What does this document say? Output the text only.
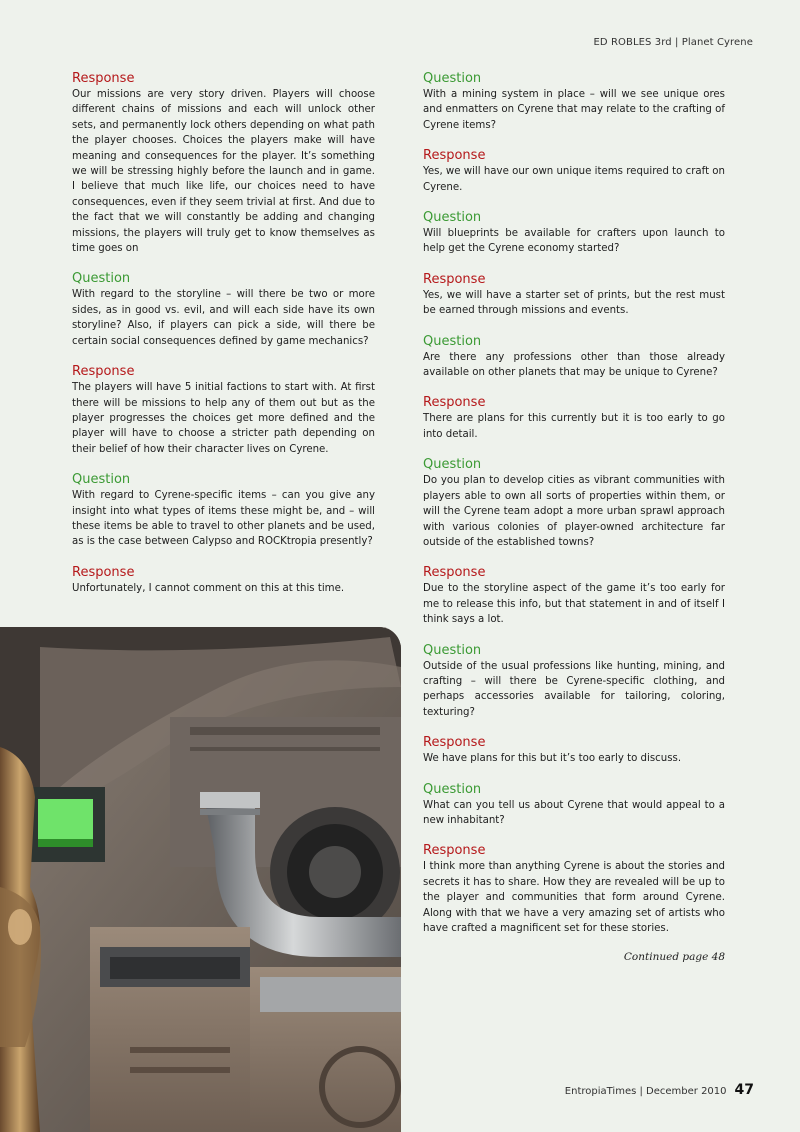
ED ROBLES 3rd | Planet Cyrene

Response

Our missions are very story driven. Players will choose different chains of missions and each will unlock other sets, and permanently lock others depending on what path the player chooses. Choices the players make will have meaning and consequences for the player. It’s something we will be stressing highly before the launch and in game. I believe that much like life, our choices need to have consequences, even if they seem trivial at first. And due to the fact that we will constantly be adding and changing missions, the players will truly get to know themselves as time goes on

Question

With regard to the storyline – will there be two or more sides, as in good vs. evil, and will each side have its own storyline? Also, if players can pick a side, will there be certain social consequences defined by game mechanics?

Response

The players will have 5 initial factions to start with. At first there will be missions to help any of them out but as the player progresses the choices get more defined and the player will have to choose a stricter path depending on their belief of how their character lives on Cyrene.

Question

With regard to Cyrene-specific items – can you give any insight into what types of items these might be, and – will these items be able to travel to other planets and be used, as is the case between Calypso and ROCKtropia presently?

Response

Unfortunately, I cannot comment on this at this time.

Question

With a mining system in place – will we see unique ores and enmatters on Cyrene that may relate to the crafting of Cyrene items?

Response

Yes, we will have our own unique items required to craft on Cyrene.

Question

Will blueprints be available for crafters upon launch to help get the Cyrene economy started?

Response

Yes, we will have a starter set of prints, but the rest must be earned through missions and events.

Question

Are there any professions other than those already available on other planets that may be unique to Cyrene?

Response

There are plans for this currently but it is too early to go into detail.

Question

Do you plan to develop cities as vibrant communities with players able to own all sorts of properties within them, or will the Cyrene team adopt a more urban sprawl approach with various colonies of player-owned architecture far outside of the established towns?

Response

Due to the storyline aspect of the game it’s too early for me to release this info, but that statement in and of itself I think says a lot.

Question

Outside of the usual professions like hunting, mining, and crafting – will there be Cyrene-specific clothing, and perhaps accessories available for tailoring, coloring, texturing?

Response

We have plans for this but it’s too early to discuss.

Question

What can you tell us about Cyrene that would appeal to a new inhabitant?

Response

I think more than anything Cyrene is about the stories and secrets it has to share. How they are revealed will be up to the player and communities that form around Cyrene. Along with that we have a very amazing set of artists who have crafted a magnificent set for these stories.

Continued page 48
EntropiaTimes | December 2010 47
